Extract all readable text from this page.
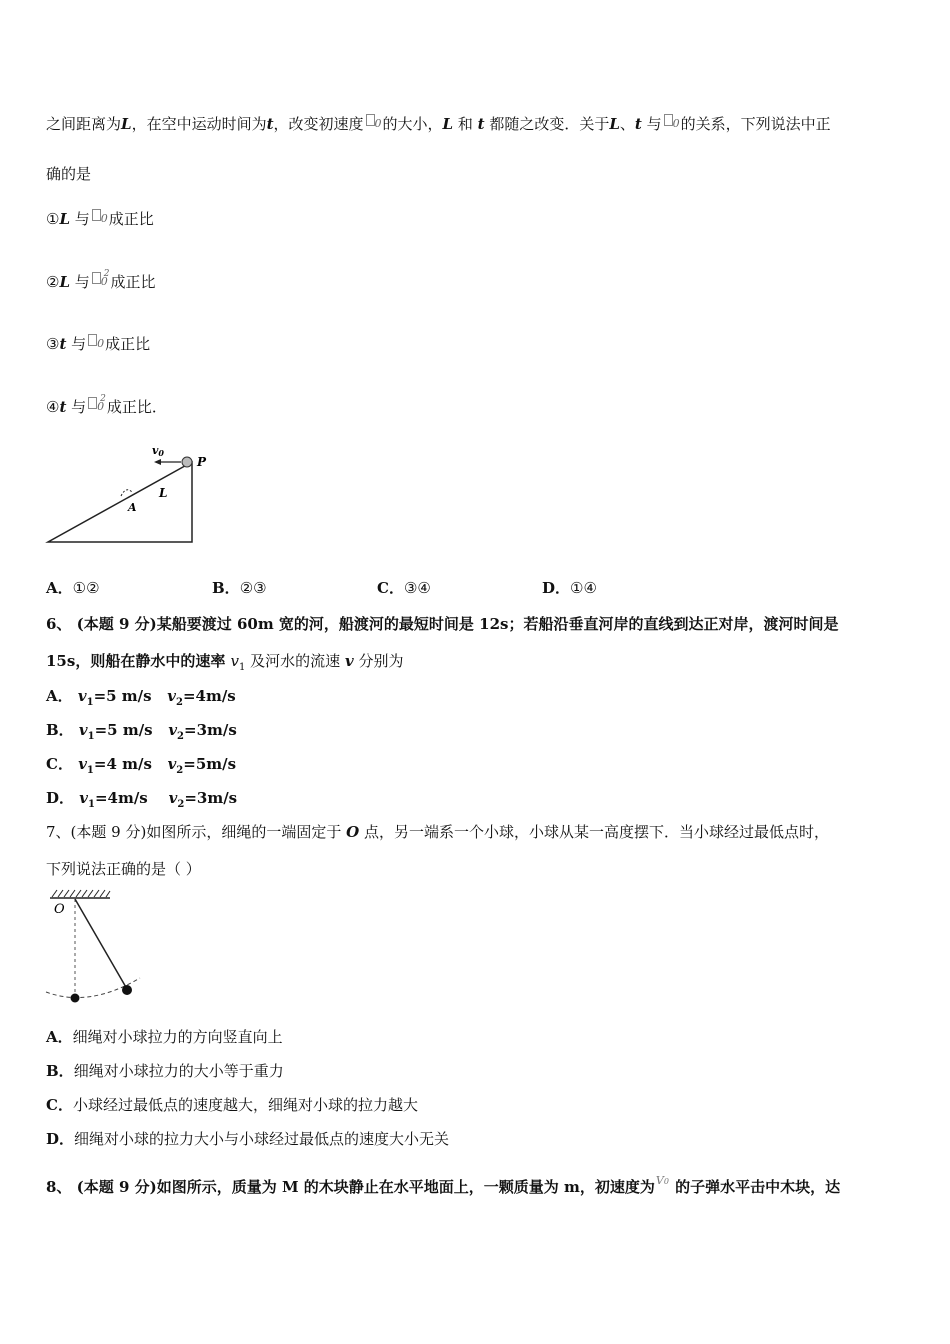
之间距离为L，在空中运动时间为t，改变初速度 0的大小，L 和 t 都随之改变．关于L、t 与 0的关系，下列说法中正
确的是
①L 与 0成正比
②L 与 $0^2$成正比
③t 与 0成正比
④t 与 $0^2$成正比．
v0
P
L
A
A．①②	B．②③	C．③④	D．①④
6、 (本题 9 分)某船要渡过 60m 宽的河，船渡河的最短时间是 12s；若船沿垂直河岸的直线到达正对岸，渡河时间是
15s，则船在静水中的速率 $v_1$ 及河水的流速 v 分别为
A． $v_1=5$ m/s $v_2=4m/s$
B． $v_1=5$ m/s $v_2=3m/s$
C． $v_1=4$ m/s $v_2=5m/s$
D． $v_1=4m/s$ $v_2=3m/s$
7、(本题 9 分)如图所示，细绳的一端固定于 O 点，另一端系一个小球，小球从某一高度摆下．当小球经过最低点时，
下列说法正确的是（ ）
O
A．细绳对小球拉力的方向竖直向上
B．细绳对小球拉力的大小等于重力
C．小球经过最低点的速度越大，细绳对小球的拉力越大
D．细绳对小球的拉力大小与小球经过最低点的速度大小无关
8、 (本题 9 分)如图所示，质量为 M 的木块静止在水平地面上，一颗质量为 m，初速度为V0 的子弹水平击中木块，达
